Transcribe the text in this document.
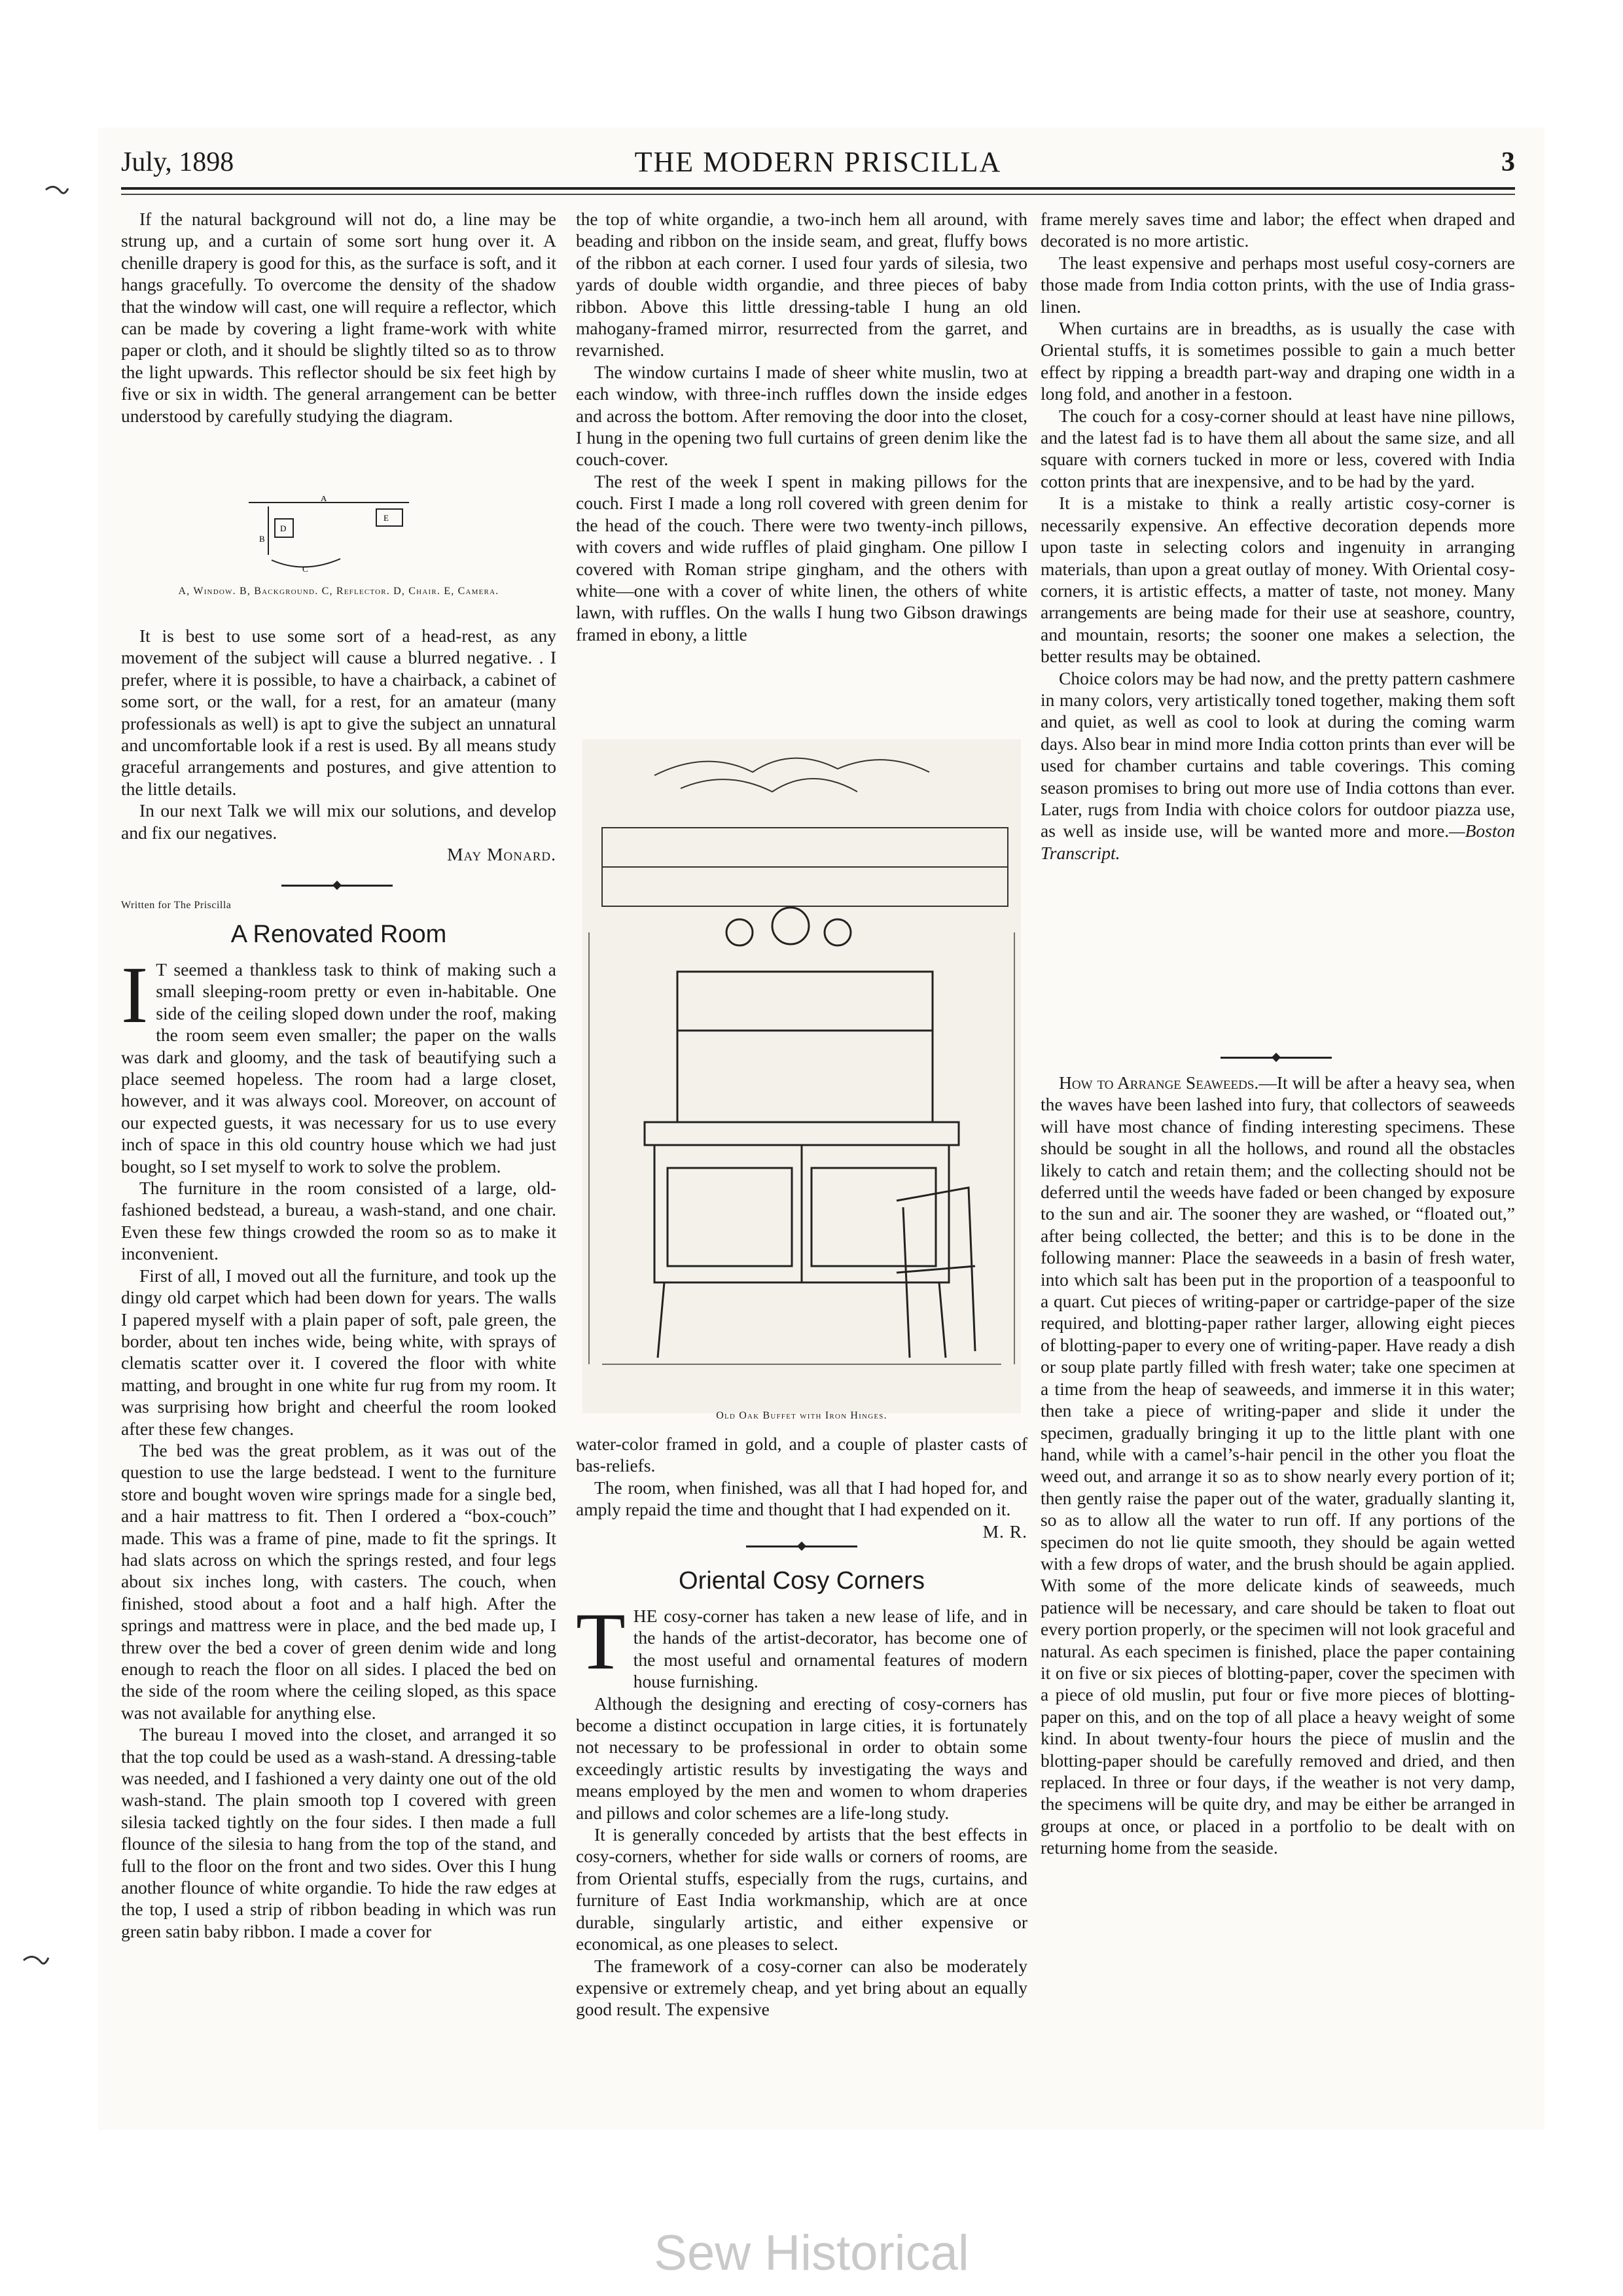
July, 1898	THE MODERN PRISCILLA	3

If the natural background will not do, a line may be strung up, and a curtain of some sort hung over it. A chenille drapery is good for this, as the surface is soft, and it hangs gracefully. To overcome the density of the shadow that the window will cast, one will require a reflector, which can be made by covering a light frame-work with white paper or cloth, and it should be slightly tilted so as to throw the light upwards. This reflector should be six feet high by five or six in width. The general arrangement can be better understood by carefully studying the diagram.

A
B
C
D
E
A, Window. B, Background. C, Reflector. D, Chair. E, Camera.

It is best to use some sort of a head-rest, as any movement of the subject will cause a blurred negative. . I prefer, where it is possible, to have a chairback, a cabinet of some sort, or the wall, for a rest, for an amateur (many professionals as well) is apt to give the subject an unnatural and uncomfortable look if a rest is used. By all means study graceful arrangements and postures, and give attention to the little details.

In our next Talk we will mix our solutions, and develop and fix our negatives.

May Monard.
Written for The Priscilla
A Renovated Room

I T seemed a thankless task to think of making such a small sleeping-room pretty or even in-habitable. One side of the ceiling sloped down under the roof, making the room seem even smaller; the paper on the walls was dark and gloomy, and the task of beautifying such a place seemed hopeless. The room had a large closet, however, and it was always cool. Moreover, on account of our expected guests, it was necessary for us to use every inch of space in this old country house which we had just bought, so I set myself to work to solve the problem.

The furniture in the room consisted of a large, old-fashioned bedstead, a bureau, a wash-stand, and one chair. Even these few things crowded the room so as to make it inconvenient.

First of all, I moved out all the furniture, and took up the dingy old carpet which had been down for years. The walls I papered myself with a plain paper of soft, pale green, the border, about ten inches wide, being white, with sprays of clematis scatter over it. I covered the floor with white matting, and brought in one white fur rug from my room. It was surprising how bright and cheerful the room looked after these few changes.

The bed was the great problem, as it was out of the question to use the large bedstead. I went to the furniture store and bought woven wire springs made for a single bed, and a hair mattress to fit. Then I ordered a “box-couch” made. This was a frame of pine, made to fit the springs. It had slats across on which the springs rested, and four legs about six inches long, with casters. The couch, when finished, stood about a foot and a half high. After the springs and mattress were in place, and the bed made up, I threw over the bed a cover of green denim wide and long enough to reach the floor on all sides. I placed the bed on the side of the room where the ceiling sloped, as this space was not available for anything else.

The bureau I moved into the closet, and arranged it so that the top could be used as a wash-stand. A dressing-table was needed, and I fashioned a very dainty one out of the old wash-stand. The plain smooth top I covered with green silesia tacked tightly on the four sides. I then made a full flounce of the silesia to hang from the top of the stand, and full to the floor on the front and two sides. Over this I hung another flounce of white organdie. To hide the raw edges at the top, I used a strip of ribbon beading in which was run green satin baby ribbon. I made a cover for

the top of white organdie, a two-inch hem all around, with beading and ribbon on the inside seam, and great, fluffy bows of the ribbon at each corner. I used four yards of silesia, two yards of double width organdie, and three pieces of baby ribbon. Above this little dressing-table I hung an old mahogany-framed mirror, resurrected from the garret, and revarnished.

The window curtains I made of sheer white muslin, two at each window, with three-inch ruffles down the inside edges and across the bottom. After removing the door into the closet, I hung in the opening two full curtains of green denim like the couch-cover.

The rest of the week I spent in making pillows for the couch. First I made a long roll covered with green denim for the head of the couch. There were two twenty-inch pillows, with covers and wide ruffles of plaid gingham. One pillow I covered with Roman stripe gingham, and the others with white—one with a cover of white linen, the others of white lawn, with ruffles. On the walls I hung two Gibson drawings framed in ebony, a little

Old Oak Buffet with Iron Hinges.

water-color framed in gold, and a couple of plaster casts of bas-reliefs.

The room, when finished, was all that I had hoped for, and amply repaid the time and thought that I had expended on it.

M. R.
Oriental Cosy Corners

THE cosy-corner has taken a new lease of life, and in the hands of the artist-decorator, has become one of the most useful and ornamental features of modern house furnishing.

Although the designing and erecting of cosy-corners has become a distinct occupation in large cities, it is fortunately not necessary to be professional in order to obtain some exceedingly artistic results by investigating the ways and means employed by the men and women to whom draperies and pillows and color schemes are a life-long study.

It is generally conceded by artists that the best effects in cosy-corners, whether for side walls or corners of rooms, are from Oriental stuffs, especially from the rugs, curtains, and furniture of East India workmanship, which are at once durable, singularly artistic, and either expensive or economical, as one pleases to select.

The framework of a cosy-corner can also be moderately expensive or extremely cheap, and yet bring about an equally good result. The expensive

frame merely saves time and labor; the effect when draped and decorated is no more artistic.

The least expensive and perhaps most useful cosy-corners are those made from India cotton prints, with the use of India grass-linen.

When curtains are in breadths, as is usually the case with Oriental stuffs, it is sometimes possible to gain a much better effect by ripping a breadth part-way and draping one width in a long fold, and another in a festoon.

The couch for a cosy-corner should at least have nine pillows, and the latest fad is to have them all about the same size, and all square with corners tucked in more or less, covered with India cotton prints that are inexpensive, and to be had by the yard.

It is a mistake to think a really artistic cosy-corner is necessarily expensive. An effective decoration depends more upon taste in selecting colors and ingenuity in arranging materials, than upon a great outlay of money. With Oriental cosy-corners, it is artistic effects, a matter of taste, not money. Many arrangements are being made for their use at seashore, country, and mountain, resorts; the sooner one makes a selection, the better results may be obtained.

Choice colors may be had now, and the pretty pattern cashmere in many colors, very artistically toned together, making them soft and quiet, as well as cool to look at during the coming warm days. Also bear in mind more India cotton prints than ever will be used for chamber curtains and table coverings. This coming season promises to bring out more use of India cottons than ever. Later, rugs from India with choice colors for outdoor piazza use, as well as inside use, will be wanted more and more.—Boston Transcript.

How to Arrange Seaweeds.—It will be after a heavy sea, when the waves have been lashed into fury, that collectors of seaweeds will have most chance of finding interesting specimens. These should be sought in all the hollows, and round all the obstacles likely to catch and retain them; and the collecting should not be deferred until the weeds have faded or been changed by exposure to the sun and air. The sooner they are washed, or “floated out,” after being collected, the better; and this is to be done in the following manner: Place the seaweeds in a basin of fresh water, into which salt has been put in the proportion of a teaspoonful to a quart. Cut pieces of writing-paper or cartridge-paper of the size required, and blotting-paper rather larger, allowing eight pieces of blotting-paper to every one of writing-paper. Have ready a dish or soup plate partly filled with fresh water; take one specimen at a time from the heap of seaweeds, and immerse it in this water; then take a piece of writing-paper and slide it under the specimen, gradually bringing it up to the little plant with one hand, while with a camel’s-hair pencil in the other you float the weed out, and arrange it so as to show nearly every portion of it; then gently raise the paper out of the water, gradually slanting it, so as to allow all the water to run off. If any portions of the specimen do not lie quite smooth, they should be again wetted with a few drops of water, and the brush should be again applied. With some of the more delicate kinds of seaweeds, much patience will be necessary, and care should be taken to float out every portion properly, or the specimen will not look graceful and natural. As each specimen is finished, place the paper containing it on five or six pieces of blotting-paper, cover the specimen with a piece of old muslin, put four or five more pieces of blotting-paper on this, and on the top of all place a heavy weight of some kind. In about twenty-four hours the piece of muslin and the blotting-paper should be carefully removed and dried, and then replaced. In three or four days, if the weather is not very damp, the specimens will be quite dry, and may be either be arranged in groups at once, or placed in a portfolio to be dealt with on returning home from the seaside.

Sew Historical
